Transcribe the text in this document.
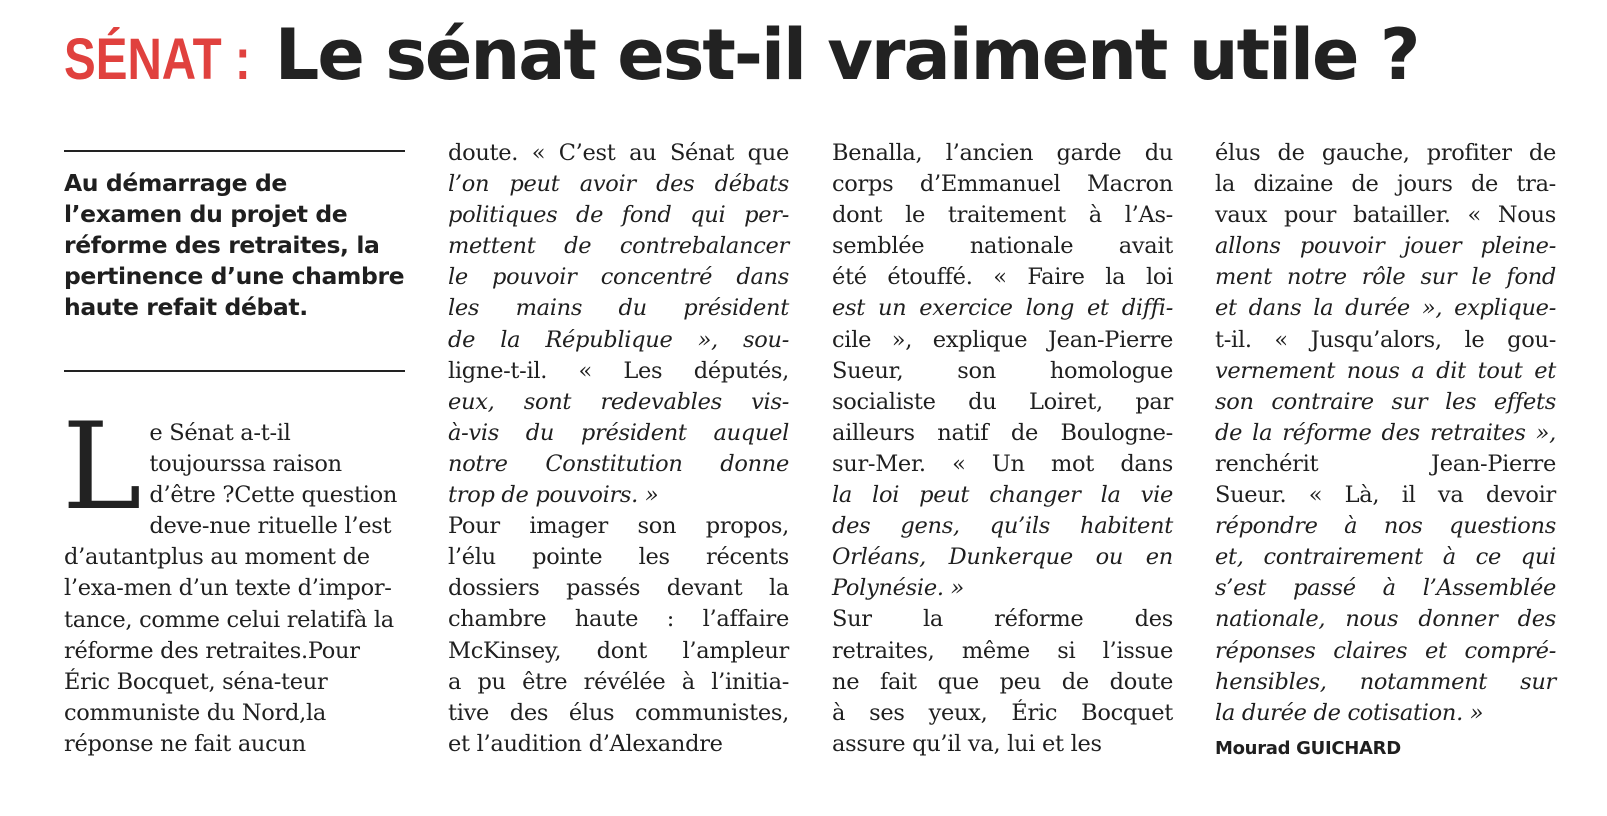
SÉNAT : Le sénat est-il vraiment utile ?
Au démarrage de l’examen du projet de réforme des retraites, la pertinence d’une chambre haute refait débat.
L e Sénat a-t-il toujourssa raison d’être ?Cette question deve-nue rituelle l’est d’autantplus au moment de l’exa-men d’un texte d’impor-tance, comme celui relatifà la réforme des retraites.Pour Éric Bocquet, séna-teur communiste du Nord,la réponse ne fait aucun
doute. « C’est au Sénat que
l’on peut avoir des débats
politiques de fond qui per-
mettent de contrebalancer
le pouvoir concentré dans
les mains du président
de la République », sou-
ligne-t-il. « Les députés,
eux, sont redevables vis-
à-vis du président auquel
notre Constitution donne
trop de pouvoirs. »
Pour imager son propos,
l’élu pointe les récents
dossiers passés devant la
chambre haute : l’affaire
McKinsey, dont l’ampleur
a pu être révélée à l’initia-
tive des élus communistes,
et l’audition d’Alexandre
Benalla, l’ancien garde du
corps d’Emmanuel Macron
dont le traitement à l’As-
semblée nationale avait
été étouffé. « Faire la loi
est un exercice long et diffi-
cile », explique Jean-Pierre
Sueur, son homologue
socialiste du Loiret, par
ailleurs natif de Boulogne-
sur-Mer. « Un mot dans
la loi peut changer la vie
des gens, qu’ils habitent
Orléans, Dunkerque ou en
Polynésie. »
Sur la réforme des
retraites, même si l’issue
ne fait que peu de doute
à ses yeux, Éric Bocquet
assure qu’il va, lui et les
élus de gauche, profiter de
la dizaine de jours de tra-
vaux pour batailler. « Nous
allons pouvoir jouer pleine-
ment notre rôle sur le fond
et dans la durée », explique-
t-il. « Jusqu’alors, le gou-
vernement nous a dit tout et
son contraire sur les effets
de la réforme des retraites »,
renchérit Jean-Pierre
Sueur. « Là, il va devoir
répondre à nos questions
et, contrairement à ce qui
s’est passé à l’Assemblée
nationale, nous donner des
réponses claires et compré-
hensibles, notamment sur
la durée de cotisation. »
Mourad GUICHARD
